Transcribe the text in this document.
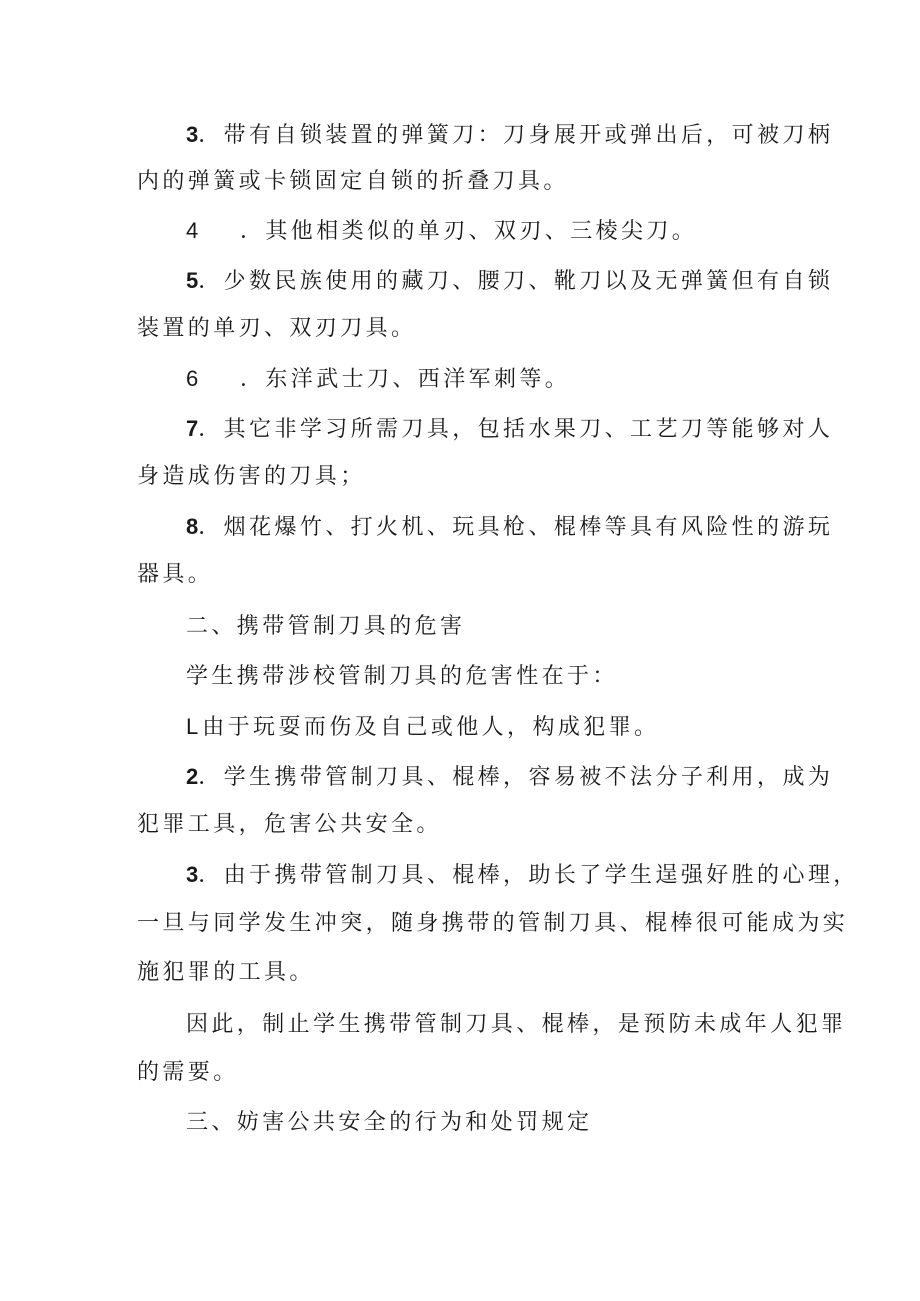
3．带有自锁装置的弹簧刀：刀身展开或弹出后，可被刀柄
内的弹簧或卡锁固定自锁的折叠刀具。
4 ．其他相类似的单刃、双刃、三棱尖刀。
5．少数民族使用的藏刀、腰刀、靴刀以及无弹簧但有自锁
装置的单刃、双刃刀具。
6 ．东洋武士刀、西洋军刺等。
7．其它非学习所需刀具，包括水果刀、工艺刀等能够对人
身造成伤害的刀具；
8．烟花爆竹、打火机、玩具枪、棍棒等具有风险性的游玩
器具。
二、携带管制刀具的危害
学生携带涉校管制刀具的危害性在于：
L 由于玩耍而伤及自己或他人，构成犯罪。
2．学生携带管制刀具、棍棒，容易被不法分子利用，成为
犯罪工具，危害公共安全。
3．由于携带管制刀具、棍棒，助长了学生逞强好胜的心理，
一旦与同学发生冲突，随身携带的管制刀具、棍棒很可能成为实
施犯罪的工具。
因此，制止学生携带管制刀具、棍棒，是预防未成年人犯罪
的需要。
三、妨害公共安全的行为和处罚规定
